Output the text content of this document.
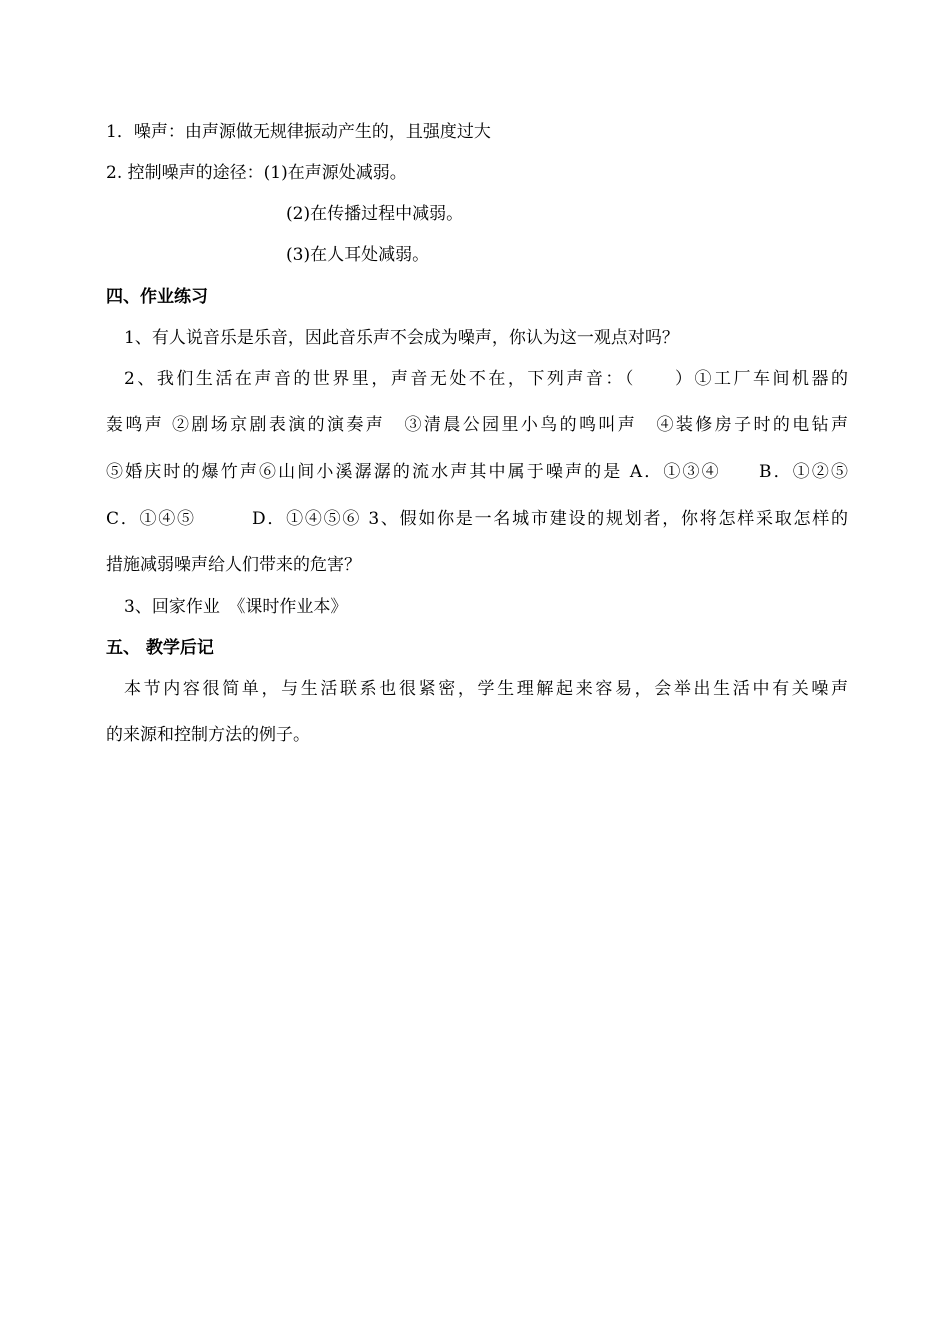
1．噪声：由声源做无规律振动产生的，且强度过大
2. 控制噪声的途径：(1)在声源处减弱。
(2)在传播过程中减弱。
(3)在人耳处减弱。
四、作业练习
1、有人说音乐是乐音，因此音乐声不会成为噪声，你认为这一观点对吗？
2、我们生活在声音的世界里，声音无处不在，下列声音：（　　）①工厂车间机器的
轰鸣声 ②剧场京剧表演的演奏声　③清晨公园里小鸟的鸣叫声　④装修房子时的电钻声
⑤婚庆时的爆竹声⑥山间小溪潺潺的流水声其中属于噪声的是 A．①③④　　B．①②⑤
C．①④⑤　　　D．①④⑤⑥ 3、假如你是一名城市建设的规划者，你将怎样采取怎样的
措施减弱噪声给人们带来的危害？
3、回家作业　《课时作业本》
五、 教学后记
本节内容很简单，与生活联系也很紧密，学生理解起来容易，会举出生活中有关噪声
的来源和控制方法的例子。
